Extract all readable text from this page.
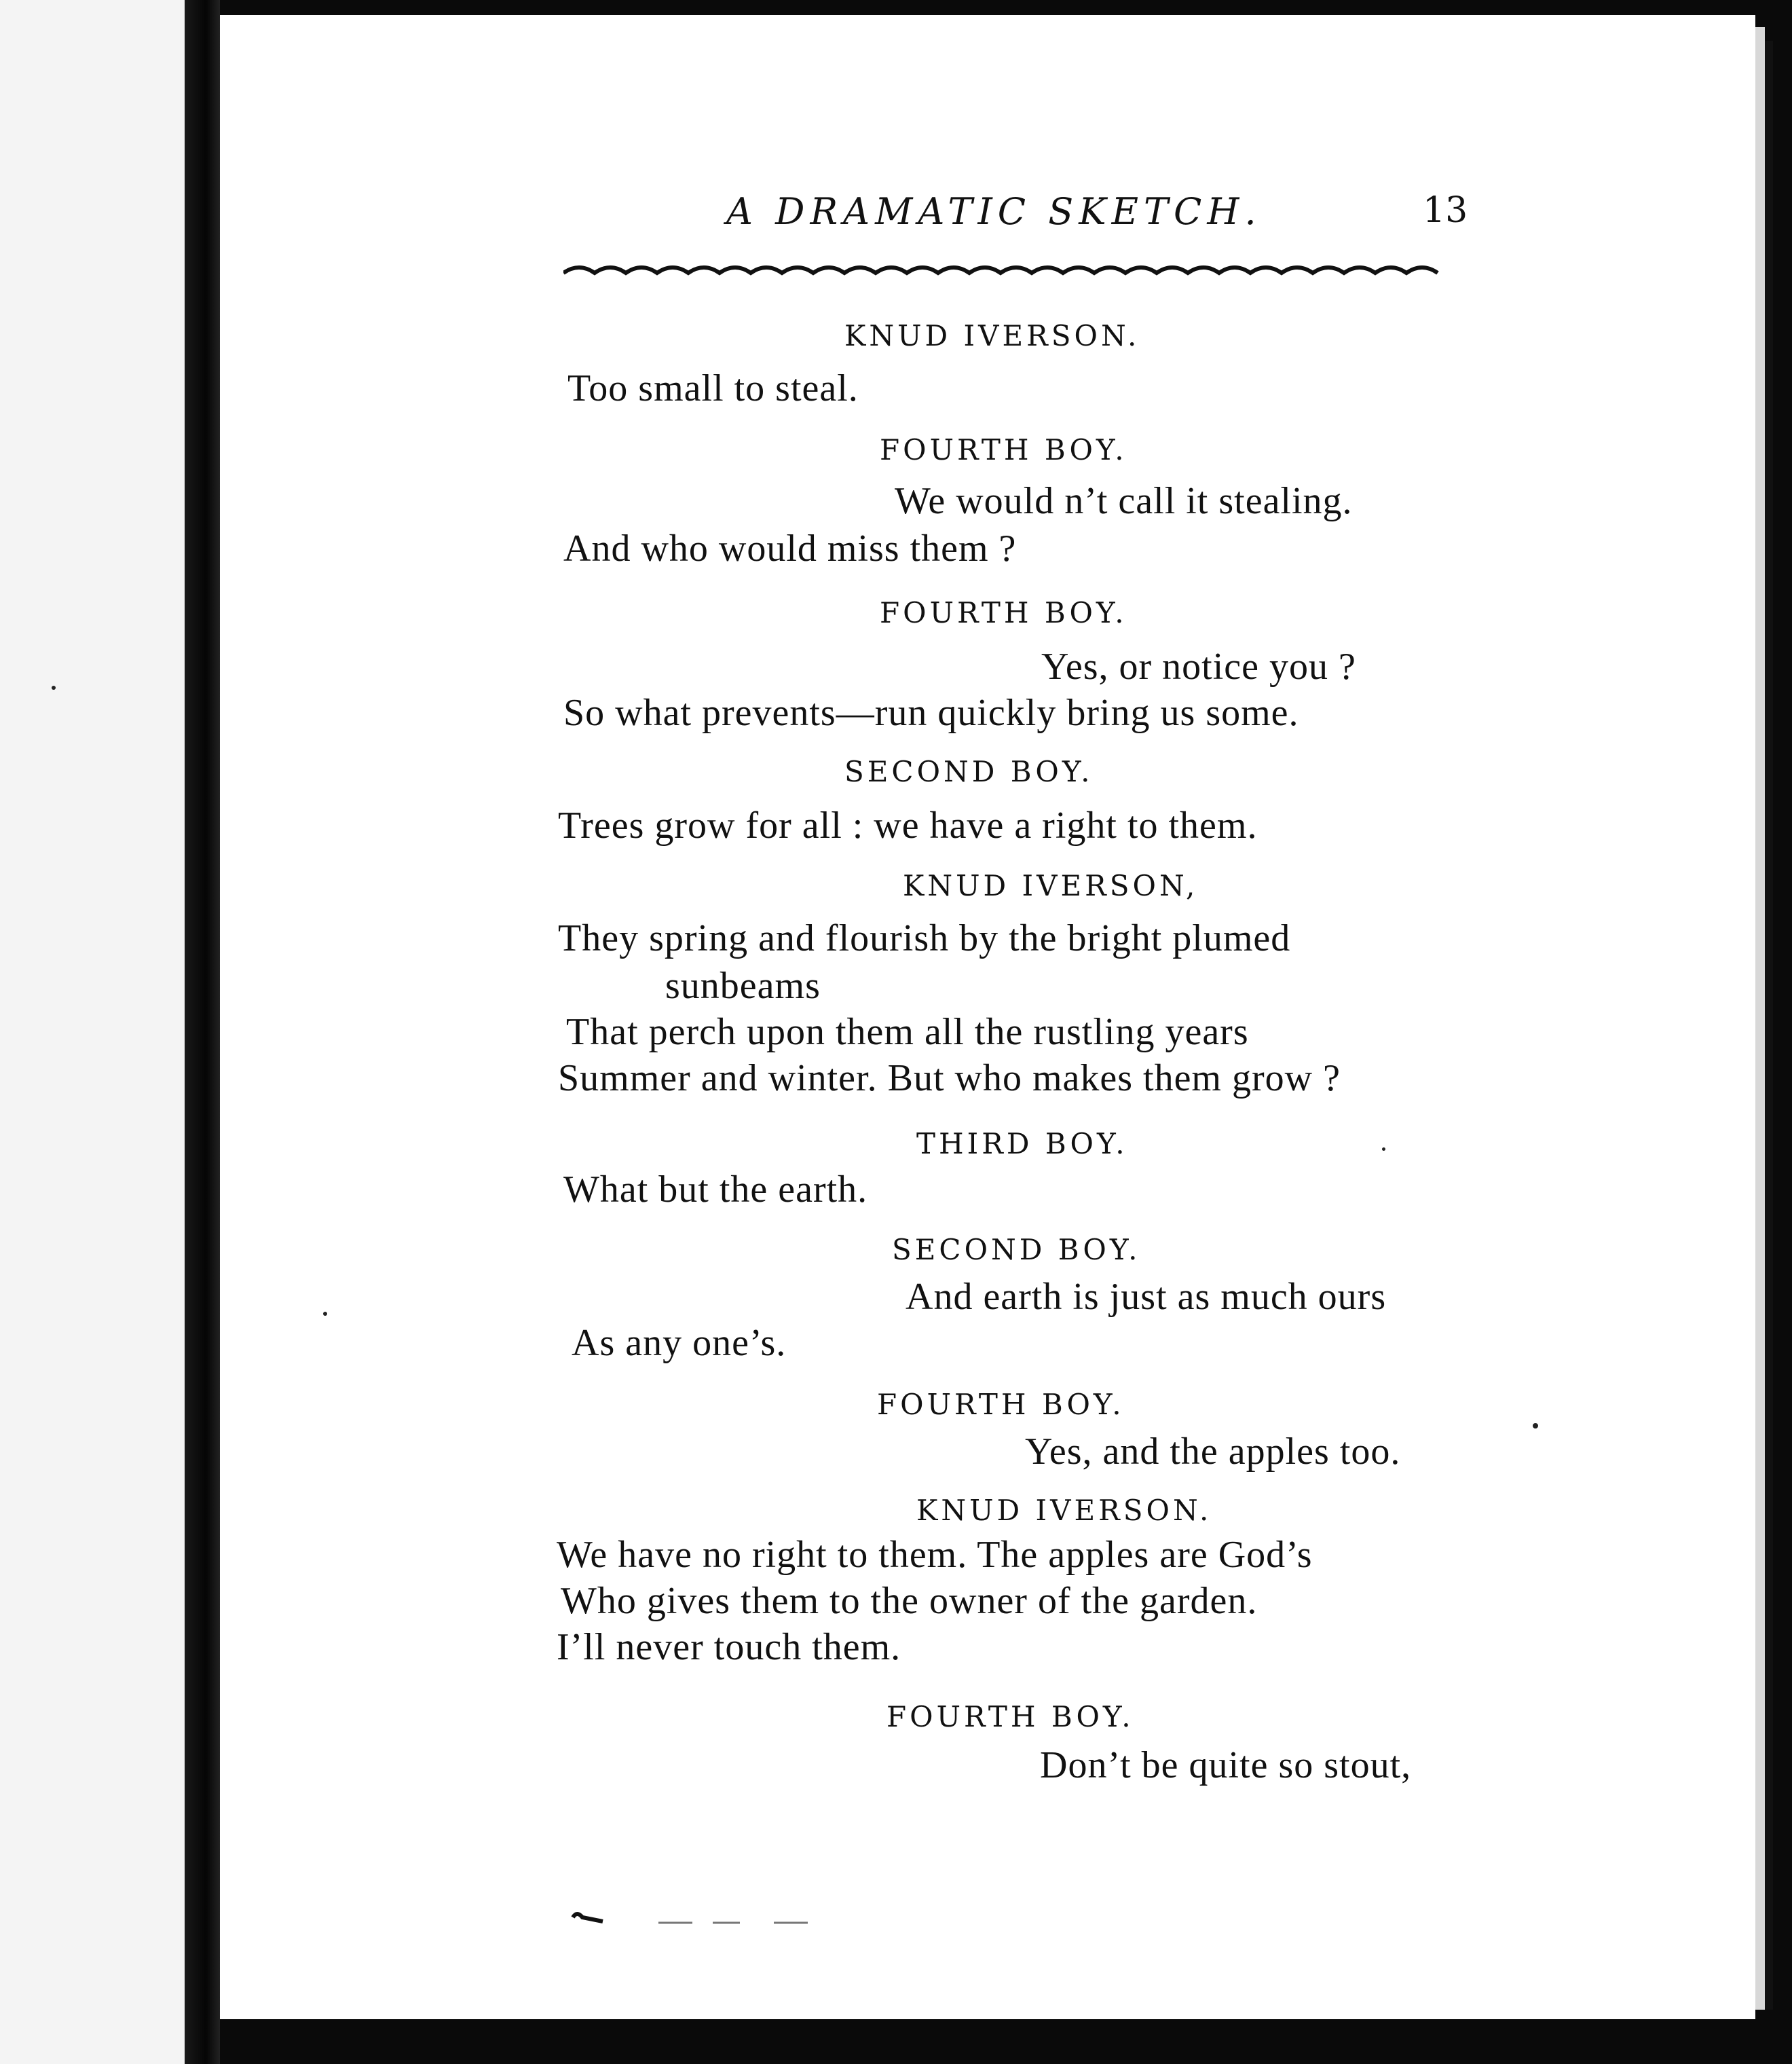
A DRAMATIC SKETCH.	13
KNUD IVERSON.
Too small to steal.
FOURTH BOY.
We would n’t call it stealing.
And who would miss them ?
FOURTH BOY.
Yes, or notice you ?
So what prevents—run quickly bring us some.
SECOND BOY.
Trees grow for all : we have a right to them.
KNUD IVERSON,
They spring and flourish by the bright plumed
sunbeams
That perch upon them all the rustling years
Summer and winter. But who makes them grow ?
THIRD BOY.
What but the earth.
SECOND BOY.
And earth is just as much ours
As any one’s.
FOURTH BOY.
Yes, and the apples too.
KNUD IVERSON.
We have no right to them. The apples are God’s
Who gives them to the owner of the garden.
I’ll never touch them.
FOURTH BOY.
Don’t be quite so stout,
